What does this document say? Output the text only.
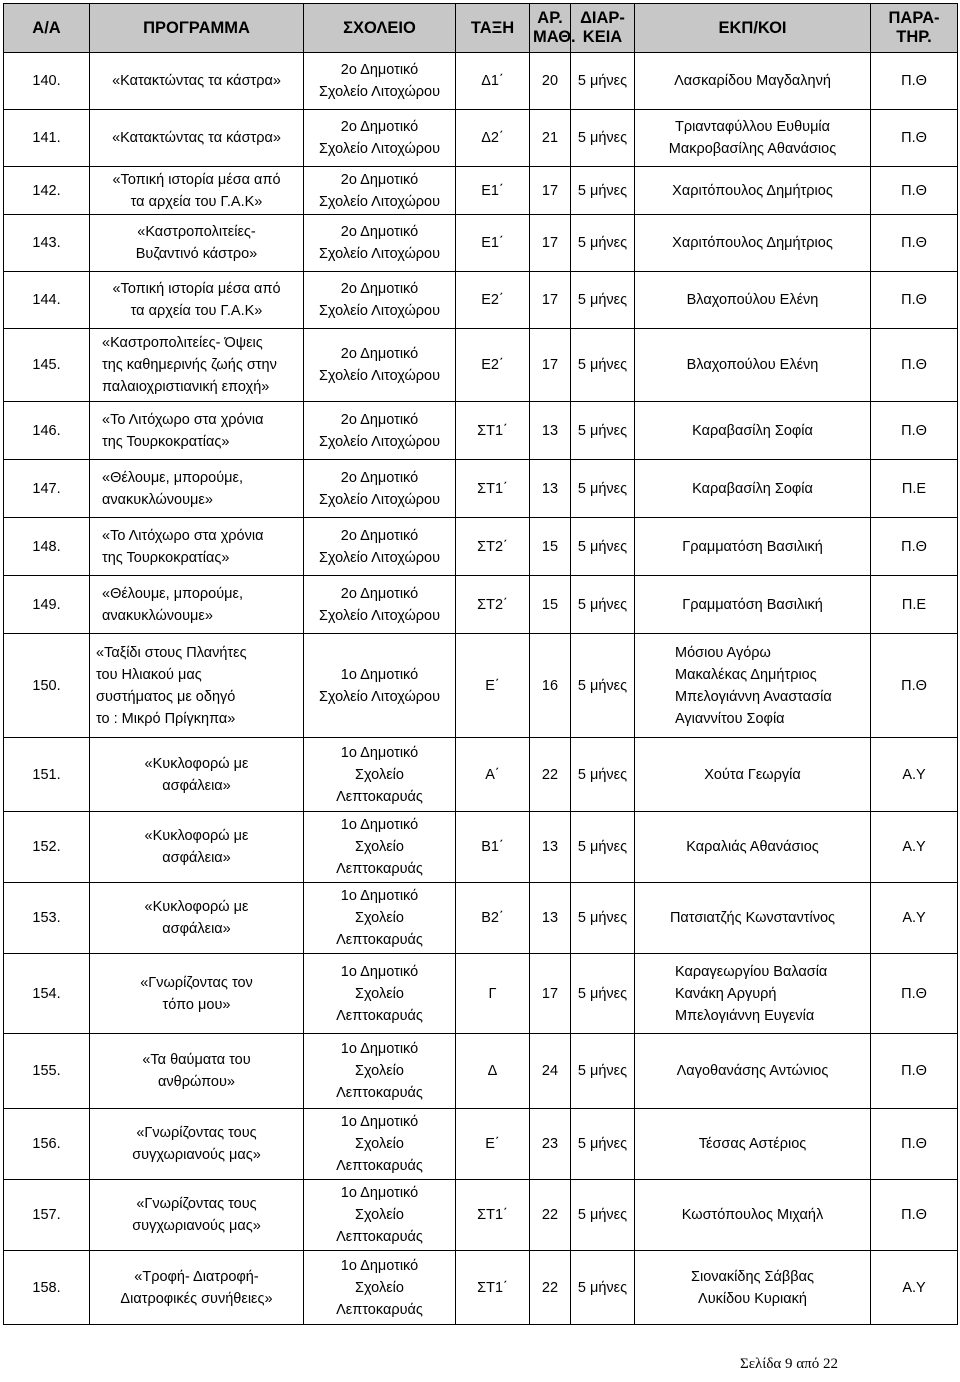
Α/Α	ΠΡΟΓΡΑΜΜΑ	ΣΧΟΛΕΙΟ	ΤΑΞΗ	ΑΡ. ΜΑΘ.	ΔΙΑΡ- ΚΕΙΑ	ΕΚΠ/ΚΟΙ	ΠΑΡΑ- ΤΗΡ.
140.	«Κατακτώντας τα κάστρα»	2ο Δημοτικό
Σχολείο Λιτοχώρου	Δ1΄	20	5 μήνες	Λασκαρίδου Μαγδαληνή	Π.Θ
141.	«Κατακτώντας τα κάστρα»	2ο Δημοτικό
Σχολείο Λιτοχώρου	Δ2΄	21	5 μήνες	Τριανταφύλλου Ευθυμία
Μακροβασίλης Αθανάσιος	Π.Θ
142.	«Τοπική ιστορία μέσα από
τα αρχεία του Γ.Α.Κ»	2ο Δημοτικό
Σχολείο Λιτοχώρου	Ε1΄	17	5 μήνες	Χαριτόπουλος Δημήτριος	Π.Θ
143.	«Καστροπολιτείες-
Βυζαντινό κάστρο»	2ο Δημοτικό
Σχολείο Λιτοχώρου	Ε1΄	17	5 μήνες	Χαριτόπουλος Δημήτριος	Π.Θ
144.	«Τοπική ιστορία μέσα από
τα αρχεία του Γ.Α.Κ»	2ο Δημοτικό
Σχολείο Λιτοχώρου	Ε2΄	17	5 μήνες	Βλαχοπούλου Ελένη	Π.Θ
145.	«Καστροπολιτείες- Όψεις
της καθημερινής ζωής στην
παλαιοχριστιανική εποχή»	2ο Δημοτικό
Σχολείο Λιτοχώρου	Ε2΄	17	5 μήνες	Βλαχοπούλου Ελένη	Π.Θ
146.	«Το Λιτόχωρο στα χρόνια
της Τουρκοκρατίας»	2ο Δημοτικό
Σχολείο Λιτοχώρου	ΣΤ1΄	13	5 μήνες	Καραβασίλη Σοφία	Π.Θ
147.	«Θέλουμε, μπορούμε,
ανακυκλώνουμε»	2ο Δημοτικό
Σχολείο Λιτοχώρου	ΣΤ1΄	13	5 μήνες	Καραβασίλη Σοφία	Π.Ε
148.	«Το Λιτόχωρο στα χρόνια
της Τουρκοκρατίας»	2ο Δημοτικό
Σχολείο Λιτοχώρου	ΣΤ2΄	15	5 μήνες	Γραμματόση Βασιλική	Π.Θ
149.	«Θέλουμε, μπορούμε,
ανακυκλώνουμε»	2ο Δημοτικό
Σχολείο Λιτοχώρου	ΣΤ2΄	15	5 μήνες	Γραμματόση Βασιλική	Π.Ε
150.	«Ταξίδι στους Πλανήτες
του Ηλιακού μας
συστήματος με οδηγό
το : Μικρό Πρίγκηπα»	1ο Δημοτικό
Σχολείο Λιτοχώρου	Ε΄	16	5 μήνες	Μόσιου Αγόρω
Μακαλέκας Δημήτριος
Μπελογιάννη Αναστασία
Αγιαννίτου Σοφία	Π.Θ
151.	«Κυκλοφορώ με
ασφάλεια»	1ο Δημοτικό
Σχολείο
Λεπτοκαρυάς	Α΄	22	5 μήνες	Χούτα Γεωργία	Α.Υ
152.	«Κυκλοφορώ με
ασφάλεια»	1ο Δημοτικό
Σχολείο
Λεπτοκαρυάς	Β1΄	13	5 μήνες	Καραλιάς Αθανάσιος	Α.Υ
153.	«Κυκλοφορώ με
ασφάλεια»	1ο Δημοτικό
Σχολείο
Λεπτοκαρυάς	Β2΄	13	5 μήνες	Πατσιατζής Κωνσταντίνος	Α.Υ
154.	«Γνωρίζοντας τον
τόπο μου»	1ο Δημοτικό
Σχολείο
Λεπτοκαρυάς	Γ	17	5 μήνες	Καραγεωργίου Βαλασία
Κανάκη Αργυρή
Μπελογιάννη Ευγενία	Π.Θ
155.	«Τα θαύματα του
ανθρώπου»	1ο Δημοτικό
Σχολείο
Λεπτοκαρυάς	Δ	24	5 μήνες	Λαγοθανάσης Αντώνιος	Π.Θ
156.	«Γνωρίζοντας τους
συγχωριανούς μας»	1ο Δημοτικό
Σχολείο
Λεπτοκαρυάς	Ε΄	23	5 μήνες	Τέσσας Αστέριος	Π.Θ
157.	«Γνωρίζοντας τους
συγχωριανούς μας»	1ο Δημοτικό
Σχολείο
Λεπτοκαρυάς	ΣΤ1΄	22	5 μήνες	Κωστόπουλος Μιχαήλ	Π.Θ
158.	«Τροφή- Διατροφή-
Διατροφικές συνήθειες»	1ο Δημοτικό
Σχολείο
Λεπτοκαρυάς	ΣΤ1΄	22	5 μήνες	Σιονακίδης Σάββας
Λυκίδου Κυριακή	Α.Υ
Σελίδα 9 από 22
